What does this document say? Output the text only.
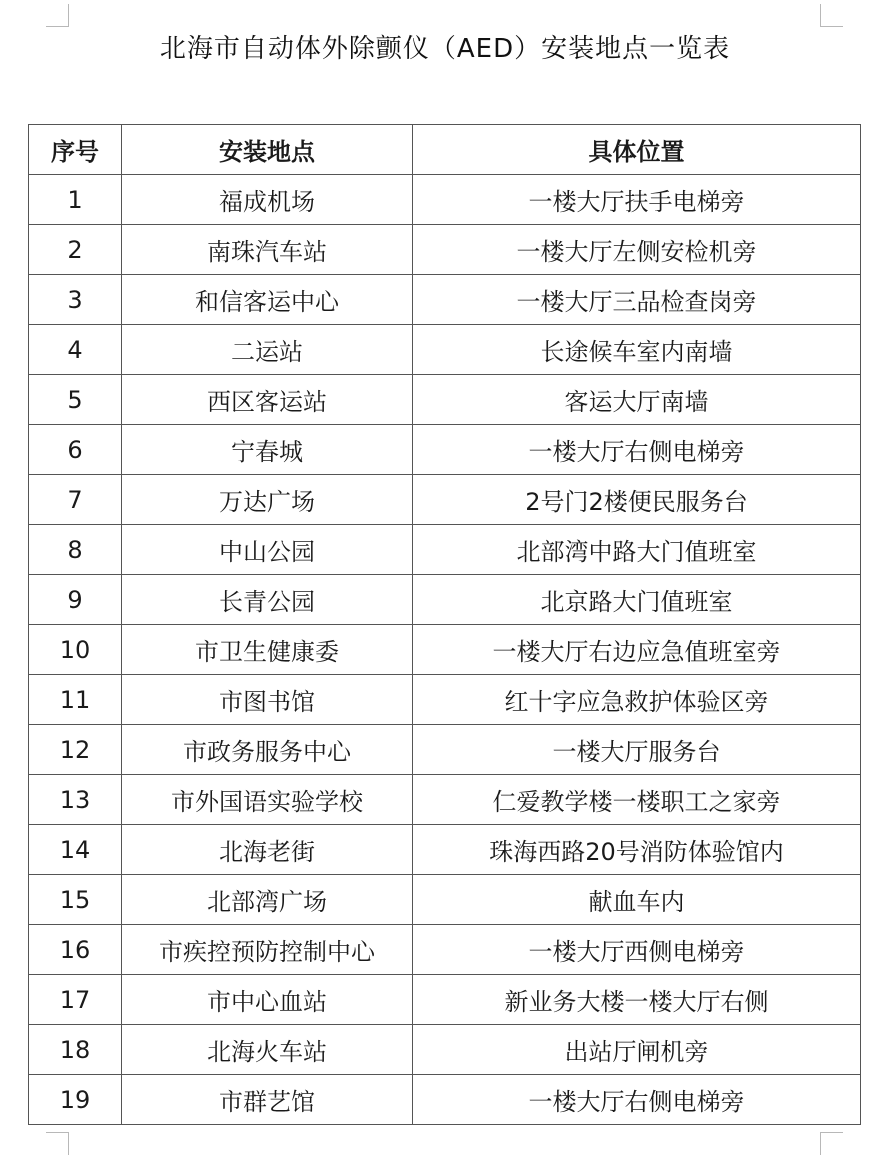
北海市自动体外除颤仪（AED）安装地点一览表
序号	安装地点	具体位置
1	福成机场	一楼大厅扶手电梯旁
2	南珠汽车站	一楼大厅左侧安检机旁
3	和信客运中心	一楼大厅三品检查岗旁
4	二运站	长途候车室内南墙
5	西区客运站	客运大厅南墙
6	宁春城	一楼大厅右侧电梯旁
7	万达广场	2号门2楼便民服务台
8	中山公园	北部湾中路大门值班室
9	长青公园	北京路大门值班室
10	市卫生健康委	一楼大厅右边应急值班室旁
11	市图书馆	红十字应急救护体验区旁
12	市政务服务中心	一楼大厅服务台
13	市外国语实验学校	仁爱教学楼一楼职工之家旁
14	北海老街	珠海西路20号消防体验馆内
15	北部湾广场	献血车内
16	市疾控预防控制中心	一楼大厅西侧电梯旁
17	市中心血站	新业务大楼一楼大厅右侧
18	北海火车站	出站厅闸机旁
19	市群艺馆	一楼大厅右侧电梯旁
